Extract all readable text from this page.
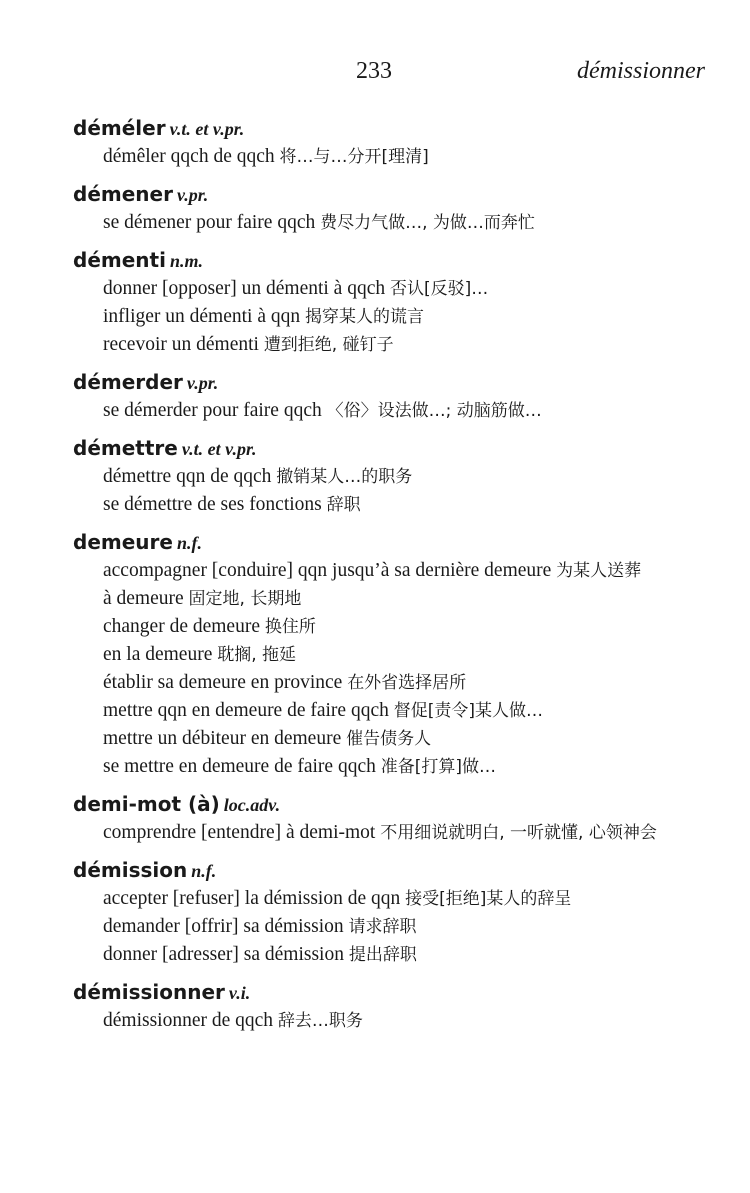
233	démissionner
déméler v.t. et v.pr.
démêler qqch de qqch 将…与…分开[理清]
démener v.pr.
se démener pour faire qqch 费尽力气做…, 为做…而奔忙
démenti n.m.
donner [opposer] un démenti à qqch 否认[反驳]…
infliger un démenti à qqn 揭穿某人的谎言
recevoir un démenti 遭到拒绝, 碰钉子
démerder v.pr.
se démerder pour faire qqch 〈俗〉设法做…; 动脑筋做…
démettre v.t. et v.pr.
démettre qqn de qqch 撤销某人…的职务
se démettre de ses fonctions 辞职
demeure n.f.
accompagner [conduire] qqn jusqu’à sa dernière demeure 为某人送葬
à demeure 固定地, 长期地
changer de demeure 换住所
en la demeure 耽搁, 拖延
établir sa demeure en province 在外省选择居所
mettre qqn en demeure de faire qqch 督促[责令]某人做…
mettre un débiteur en demeure 催告债务人
se mettre en demeure de faire qqch 准备[打算]做…
demi-mot (à) loc.adv.
comprendre [entendre] à demi-mot 不用细说就明白, 一听就懂, 心领神会
démission n.f.
accepter [refuser] la démission de qqn 接受[拒绝]某人的辞呈
demander [offrir] sa démission 请求辞职
donner [adresser] sa démission 提出辞职
démissionner v.i.
démissionner de qqch 辞去…职务
